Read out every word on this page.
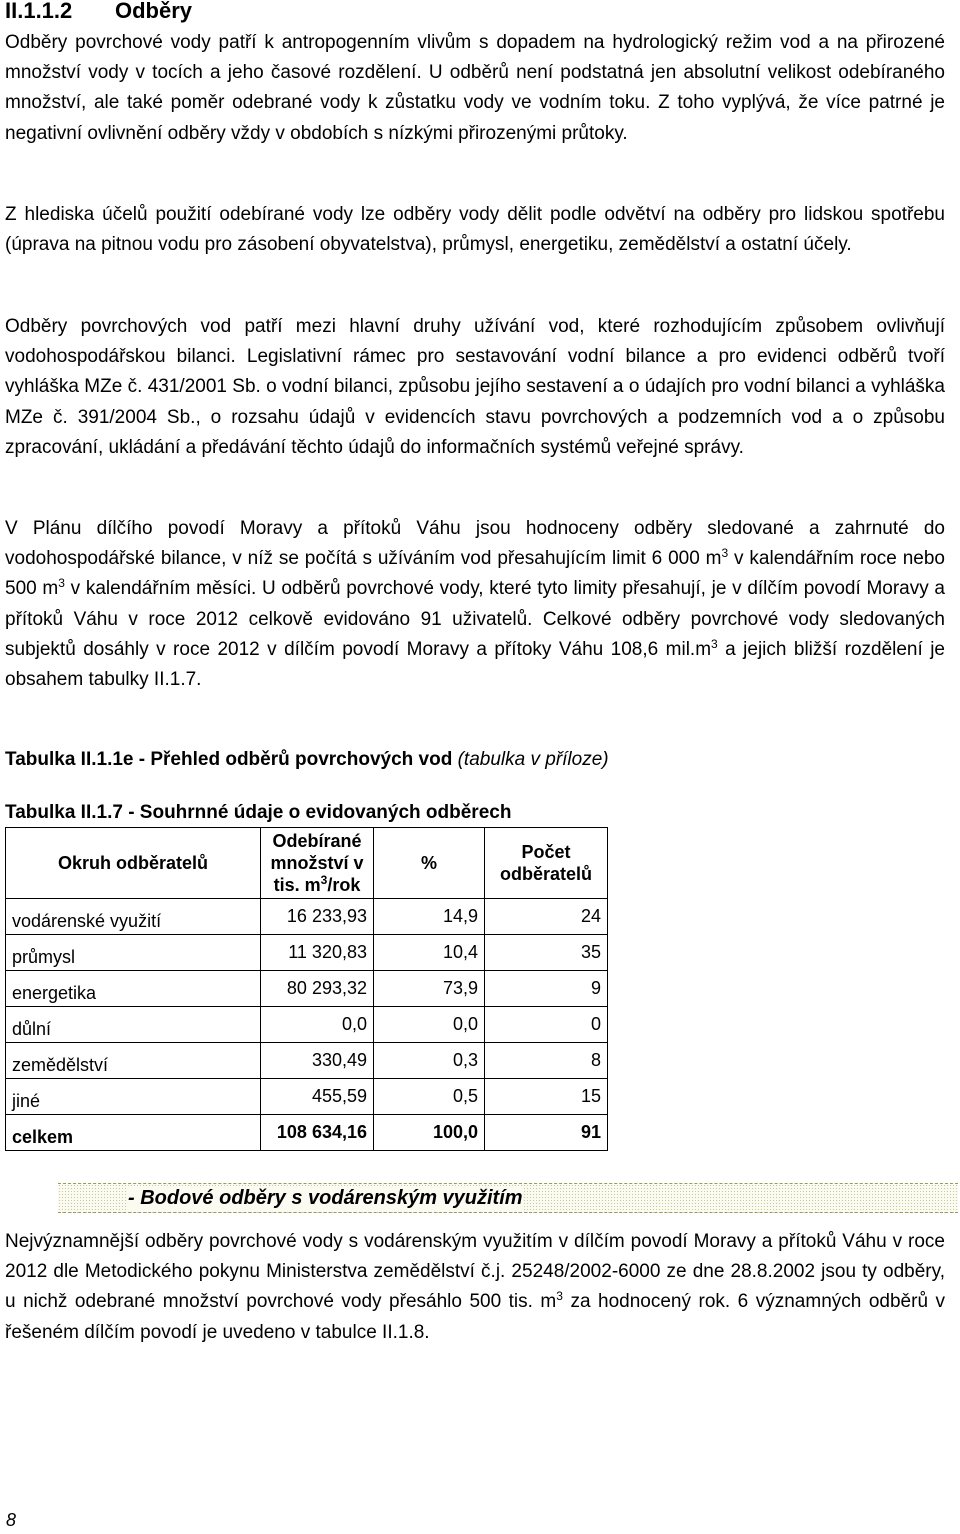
II.1.1.2 Odběry

Odběry povrchové vody patří k antropogenním vlivům s dopadem na hydrologický režim vod a na přirozené množství vody v tocích a jeho časové rozdělení. U odběrů není podstatná jen absolutní velikost odebíraného množství, ale také poměr odebrané vody k zůstatku vody ve vodním toku. Z toho vyplývá, že více patrné je negativní ovlivnění odběry vždy v obdobích s nízkými přirozenými průtoky.

Z hlediska účelů použití odebírané vody lze odběry vody dělit podle odvětví na odběry pro lidskou spotřebu (úprava na pitnou vodu pro zásobení obyvatelstva), průmysl, energetiku, zemědělství a ostatní účely.

Odběry povrchových vod patří mezi hlavní druhy užívání vod, které rozhodujícím způsobem ovlivňují vodohospodářskou bilanci. Legislativní rámec pro sestavování vodní bilance a pro evidenci odběrů tvoří vyhláška MZe č. 431/2001 Sb. o vodní bilanci, způsobu jejího sestavení a o údajích pro vodní bilanci a vyhláška MZe č. 391/2004 Sb., o rozsahu údajů v evidencích stavu povrchových a podzemních vod a o způsobu zpracování, ukládání a předávání těchto údajů do informačních systémů veřejné správy.

V Plánu dílčího povodí Moravy a přítoků Váhu jsou hodnoceny odběry sledované a zahrnuté do vodohospodářské bilance, v níž se počítá s užíváním vod přesahujícím limit 6 000 $m^3$ v kalendářním roce nebo 500 $m^3$ v kalendářním měsíci. U odběrů povrchové vody, které tyto limity přesahují, je v dílčím povodí Moravy a přítoků Váhu v roce 2012 celkově evidováno 91 uživatelů. Celkové odběry povrchové vody sledovaných subjektů dosáhly v roce 2012 v dílčím povodí Moravy a přítoky Váhu 108,6 $mil.m^3$ a jejich bližší rozdělení je obsahem tabulky II.1.7.

Tabulka II.1.1e - Přehled odběrů povrchových vod (tabulka v příloze)
Tabulka II.1.7 - Souhrnné údaje o evidovaných odběrech
Okruh odběratelů	Odebírané množství v tis. $m^3$/rok	%	Počet odběratelů
vodárenské využití	16 233,93	14,9	24
průmysl	11 320,83	10,4	35
energetika	80 293,32	73,9	9
důlní	0,0	0,0	0
zemědělství	330,49	0,3	8
jiné	455,59	0,5	15
celkem	108 634,16	100,0	91

Nejvýznamnější odběry povrchové vody s vodárenským využitím v dílčím povodí Moravy a přítoků Váhu v roce 2012 dle Metodického pokynu Ministerstva zemědělství č.j. 25248/2002-6000 ze dne 28.8.2002 jsou ty odběry, u nichž odebrané množství povrchové vody přesáhlo 500 tis. $m^3$ za hodnocený rok. 6 významných odběrů v řešeném dílčím povodí je uvedeno v tabulce II.1.8.

- Bodové odběry s vodárenským využitím
8
